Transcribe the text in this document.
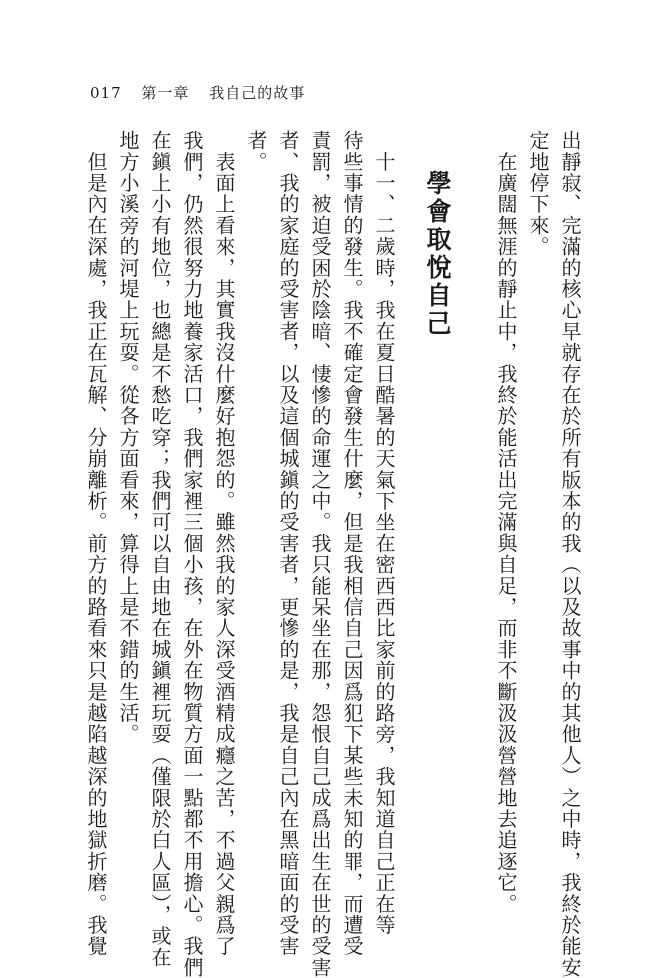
017 第一章 我自己的故事
出靜寂、完滿的核心早就存在於所有版本的我（以及故事中的其他人）之中時，我終於能安
定地停下來。
　在廣闊無涯的靜止中，我終於能活出完滿與自足，而非不斷汲汲營營地去追逐它。
學會取悅自己
　十一、二歲時，我在夏日酷暑的天氣下坐在密西西比家前的路旁，我知道自己正在等
待些事情的發生。我不確定會發生什麼，但是我相信自己因爲犯下某些未知的罪，而遭受
責罰，被迫受困於陰暗、悽慘的命運之中。我只能呆坐在那，怨恨自己成爲出生在世的受害
者、我的家庭的受害者，以及這個城鎭的受害者，更慘的是，我是自己內在黑暗面的受害
者。
　表面上看來，其實我沒什麼好抱怨的。雖然我的家人深受酒精成癮之苦，不過父親爲了
我們，仍然很努力地養家活口，我們家裡三個小孩，在外在物質方面一點都不用擔心。我們
在鎭上小有地位，也總是不愁吃穿；我們可以自由地在城鎭裡玩耍（僅限於白人區），或在
地方小溪旁的河堤上玩耍。從各方面看來，算得上是不錯的生活。
　但是內在深處，我正在瓦解、分崩離析。前方的路看來只是越陷越深的地獄折磨。我覺
